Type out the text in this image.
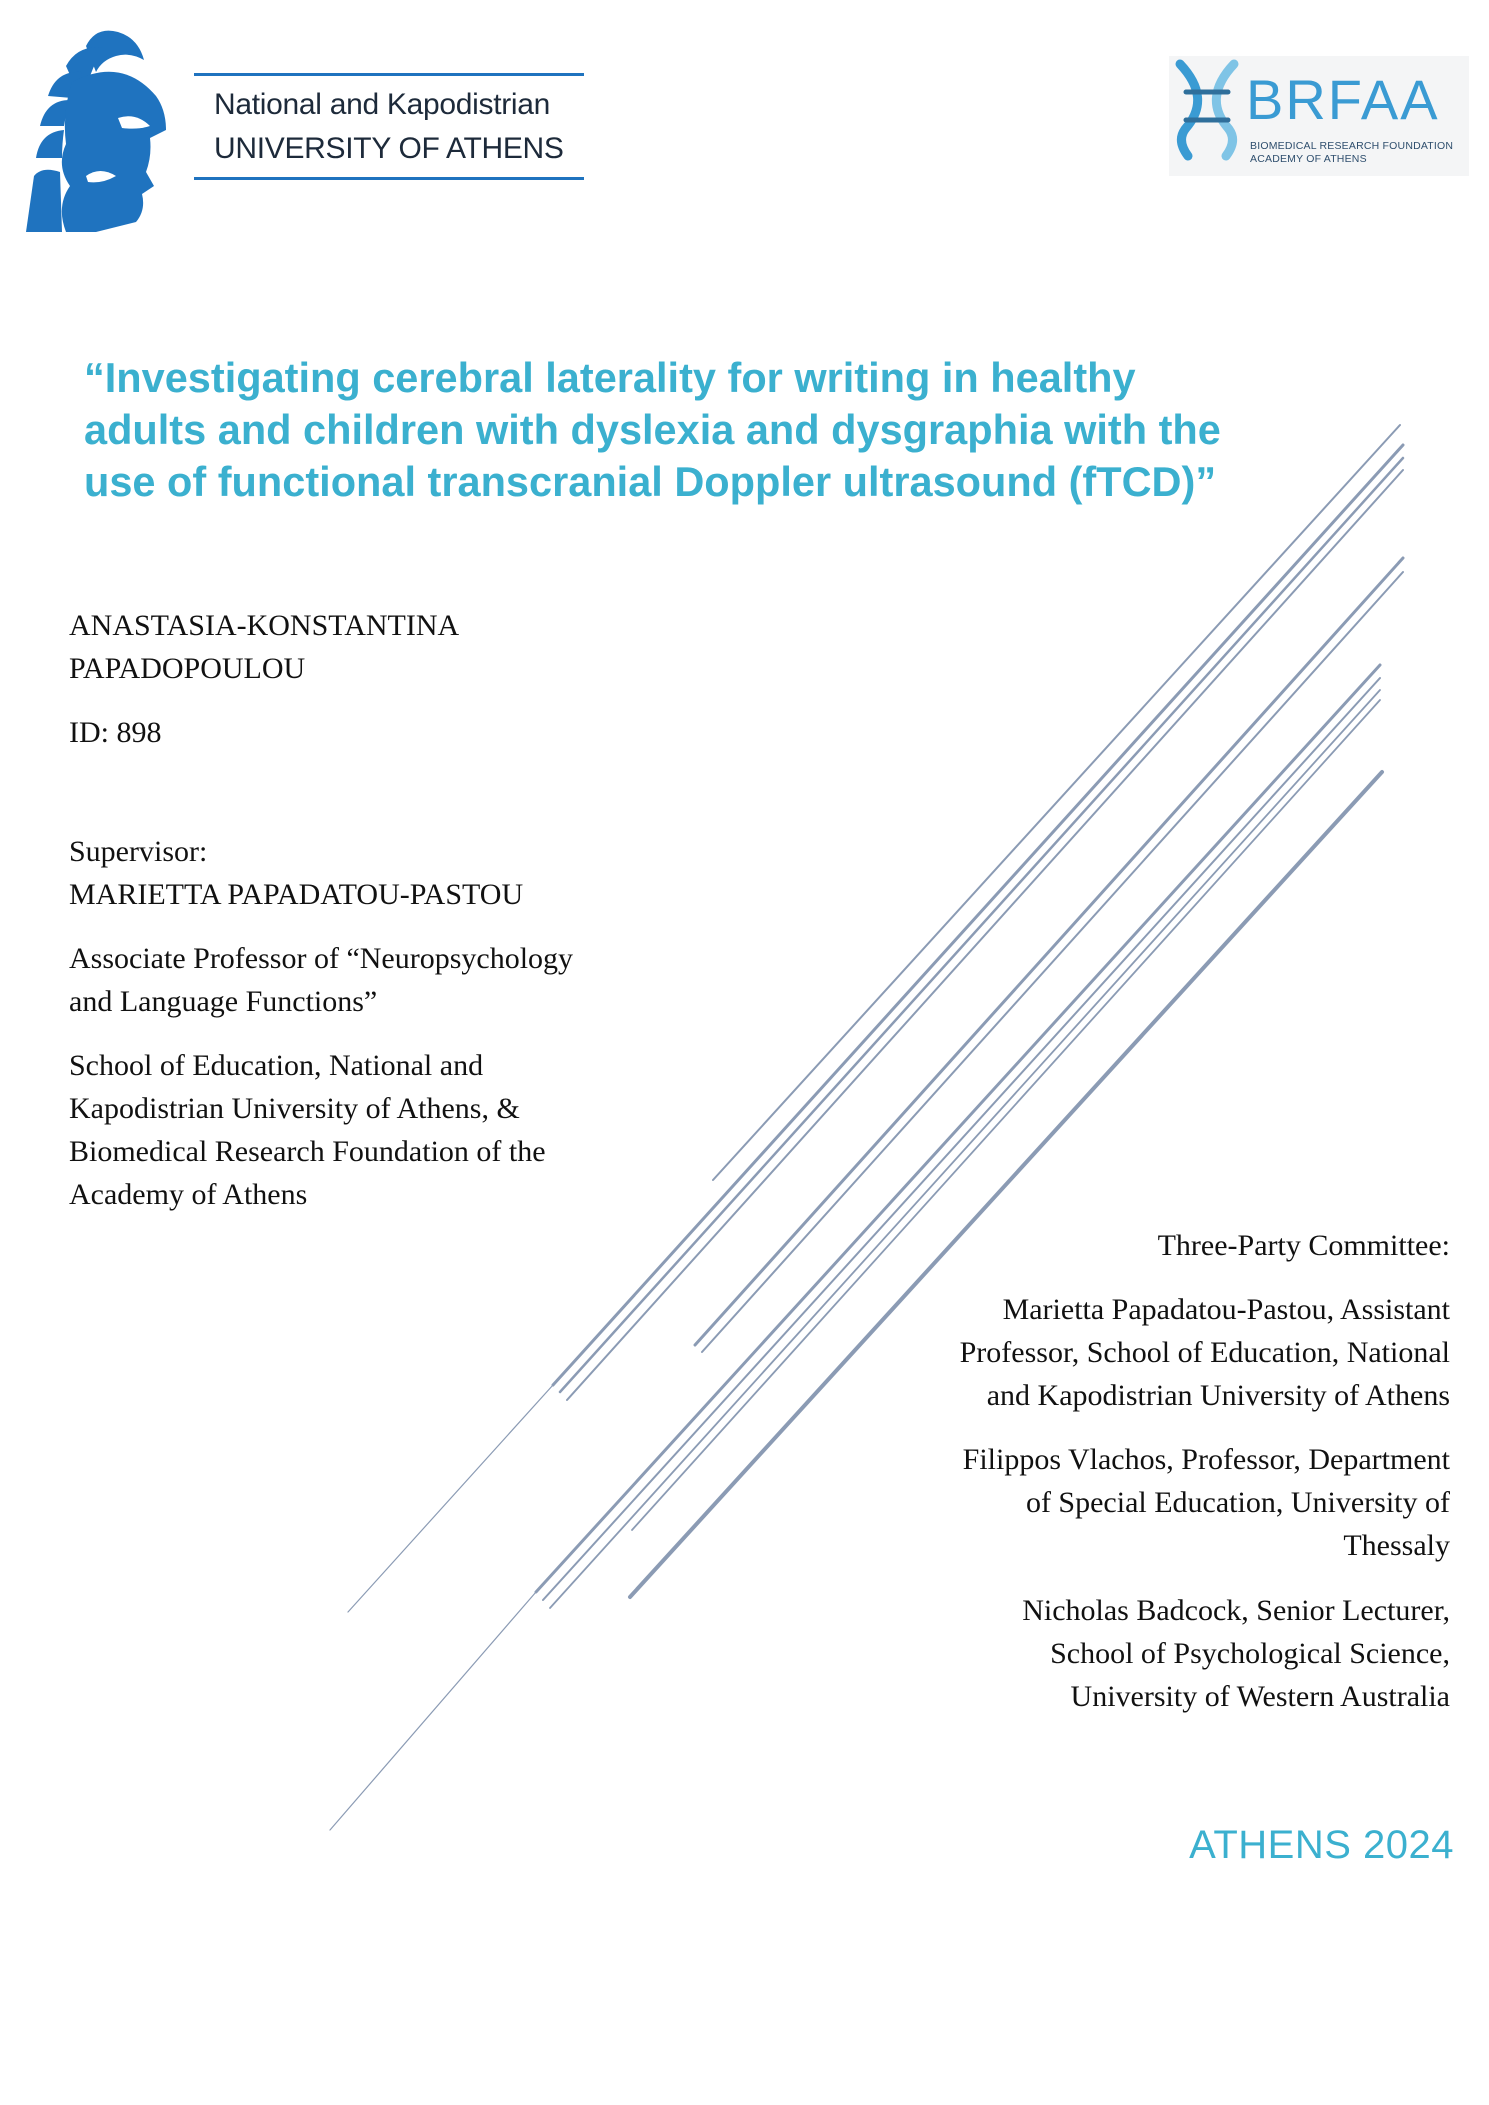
National and Kapodistrian
UNIVERSITY OF ATHENS
BRFAA
BIOMEDICAL RESEARCH FOUNDATION
ACADEMY OF ATHENS
“Investigating cerebral laterality for writing in healthy adults and children with dyslexia and dysgraphia with the use of functional transcranial Doppler ultrasound (fTCD)”
ANASTASIA-KONSTANTINA
PAPADOPOULOU
ID: 898
Supervisor:
MARIETTA PAPADATOU-PASTOU
Associate Professor of “Neuropsychology
and Language Functions”
School of Education, National and
Kapodistrian University of Athens, &
Biomedical Research Foundation of the
Academy of Athens
Three-Party Committee:
Marietta Papadatou-Pastou, Assistant
Professor, School of Education, National
and Kapodistrian University of Athens
Filippos Vlachos, Professor, Department
of Special Education, University of
Thessaly
Nicholas Badcock, Senior Lecturer,
School of Psychological Science,
University of Western Australia
ATHENS 2024
